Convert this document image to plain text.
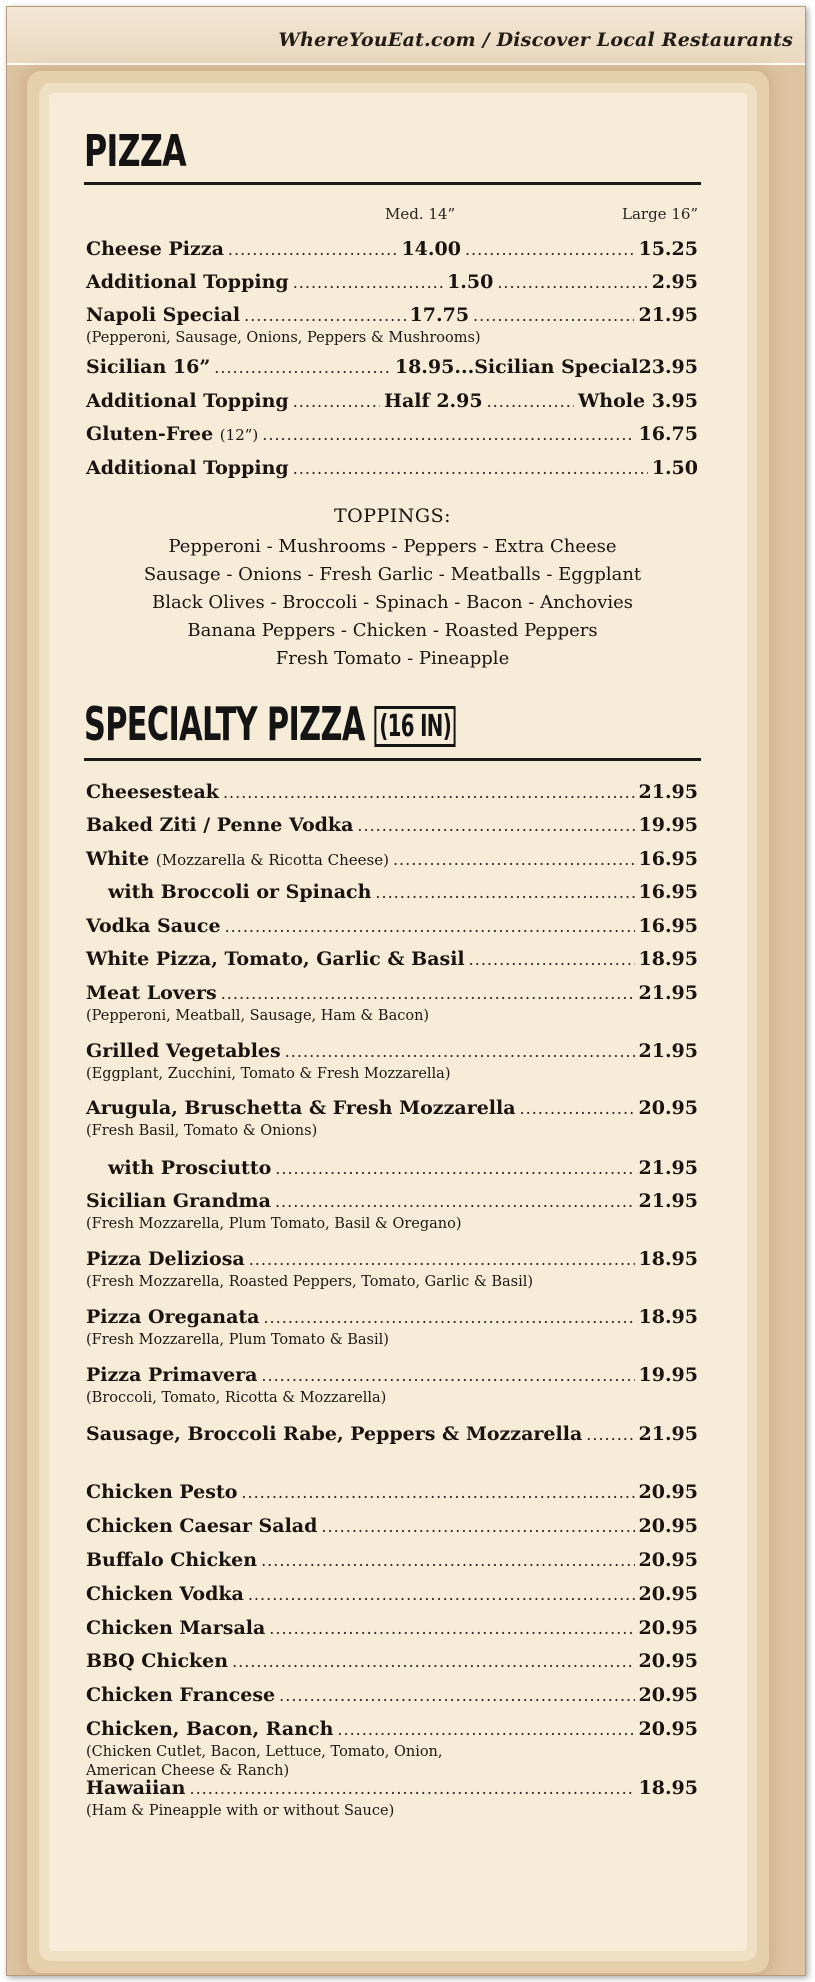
WhereYouEat.com / Discover Local Restaurants
PIZZA
Med. 14”	Large 16”
Cheese Pizza .....	14.00 .....	15.25
Additional Topping .....	1.50 .....	2.95
Napoli Special .....	17.75 .....	21.95
(Pepperoni, Sausage, Onions, Peppers & Mushrooms)
Sicilian 16” .....	18.95 ...Sicilian Special 23.95
Additional Topping .....	Half 2.95 .....	Whole 3.95
Gluten-Free (12”) .....	16.75
Additional Topping .....	1.50
TOPPINGS:
Pepperoni - Mushrooms - Peppers - Extra Cheese
Sausage - Onions - Fresh Garlic - Meatballs - Eggplant
Black Olives - Broccoli - Spinach - Bacon - Anchovies
Banana Peppers - Chicken - Roasted Peppers
Fresh Tomato - Pineapple
SPECIALTY PIZZA (16 IN)
Cheesesteak .....	21.95
Baked Ziti / Penne Vodka .....	19.95
White (Mozzarella & Ricotta Cheese) .....	16.95
with Broccoli or Spinach .....	16.95
Vodka Sauce .....	16.95
White Pizza, Tomato, Garlic & Basil .....	18.95
Meat Lovers .....	21.95
(Pepperoni, Meatball, Sausage, Ham & Bacon)
Grilled Vegetables .....	21.95
(Eggplant, Zucchini, Tomato & Fresh Mozzarella)
Arugula, Bruschetta & Fresh Mozzarella .....	20.95
(Fresh Basil, Tomato & Onions)
with Prosciutto .....	21.95
Sicilian Grandma .....	21.95
(Fresh Mozzarella, Plum Tomato, Basil & Oregano)
Pizza Deliziosa .....	18.95
(Fresh Mozzarella, Roasted Peppers, Tomato, Garlic & Basil)
Pizza Oreganata .....	18.95
(Fresh Mozzarella, Plum Tomato & Basil)
Pizza Primavera .....	19.95
(Broccoli, Tomato, Ricotta & Mozzarella)
Sausage, Broccoli Rabe, Peppers & Mozzarella .....	21.95
Chicken Pesto .....	20.95
Chicken Caesar Salad .....	20.95
Buffalo Chicken .....	20.95
Chicken Vodka .....	20.95
Chicken Marsala .....	20.95
BBQ Chicken .....	20.95
Chicken Francese .....	20.95
Chicken, Bacon, Ranch .....	20.95
(Chicken Cutlet, Bacon, Lettuce, Tomato, Onion,
American Cheese & Ranch)
Hawaiian .....	18.95
(Ham & Pineapple with or without Sauce)
